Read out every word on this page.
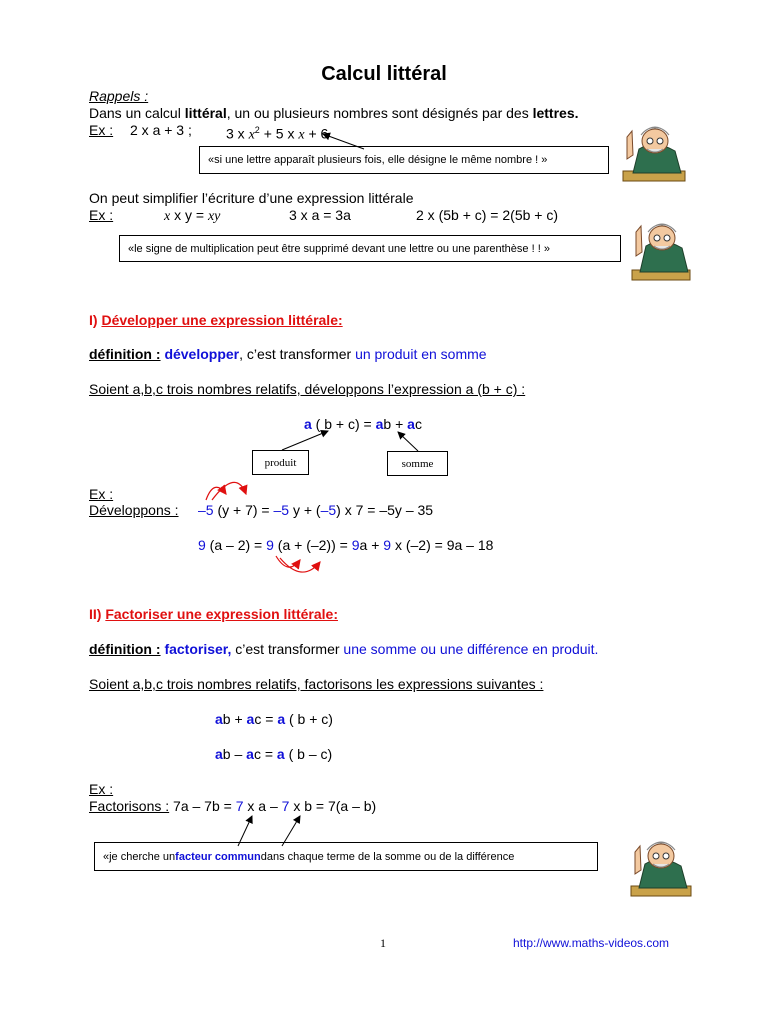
Calcul littéral
Rappels :
Dans un calcul littéral, un ou plusieurs nombres sont désignés par des lettres.
Ex : 2 x a + 3 ; 3 x $x^2 + 5$ x x + 6
«si une lettre apparaît plusieurs fois, elle désigne le même nombre ! »
On peut simplifier l’écriture d’une expression littérale
Ex :	x x y = xy	3 x a = 3a	2 x (5b + c) = 2(5b + c)
«le signe de multiplication peut être supprimé devant une lettre ou une parenthèse ! ! »
I) Développer une expression littérale:
définition : développer, c’est transformer un produit en somme
Soient a,b,c trois nombres relatifs, développons l’expression a (b + c) :
a ( b + c) = ab + ac
produit	somme
Ex :
Développons : –5 (y + 7) = –5 y + (–5) x 7 = –5y – 35
9 (a – 2) = 9 (a + (–2)) = 9a + 9 x (–2) = 9a – 18
II) Factoriser une expression littérale:
définition : factoriser, c’est transformer une somme ou une différence en produit.
Soient a,b,c trois nombres relatifs, factorisons les expressions suivantes :
ab + ac = a ( b + c)
ab – ac = a ( b – c)
Ex :
Factorisons : 7a – 7b = 7 x a – 7 x b = 7(a – b)
«je cherche un facteur commun dans chaque terme de la somme ou de la différence
1	http://www.maths-videos.com
